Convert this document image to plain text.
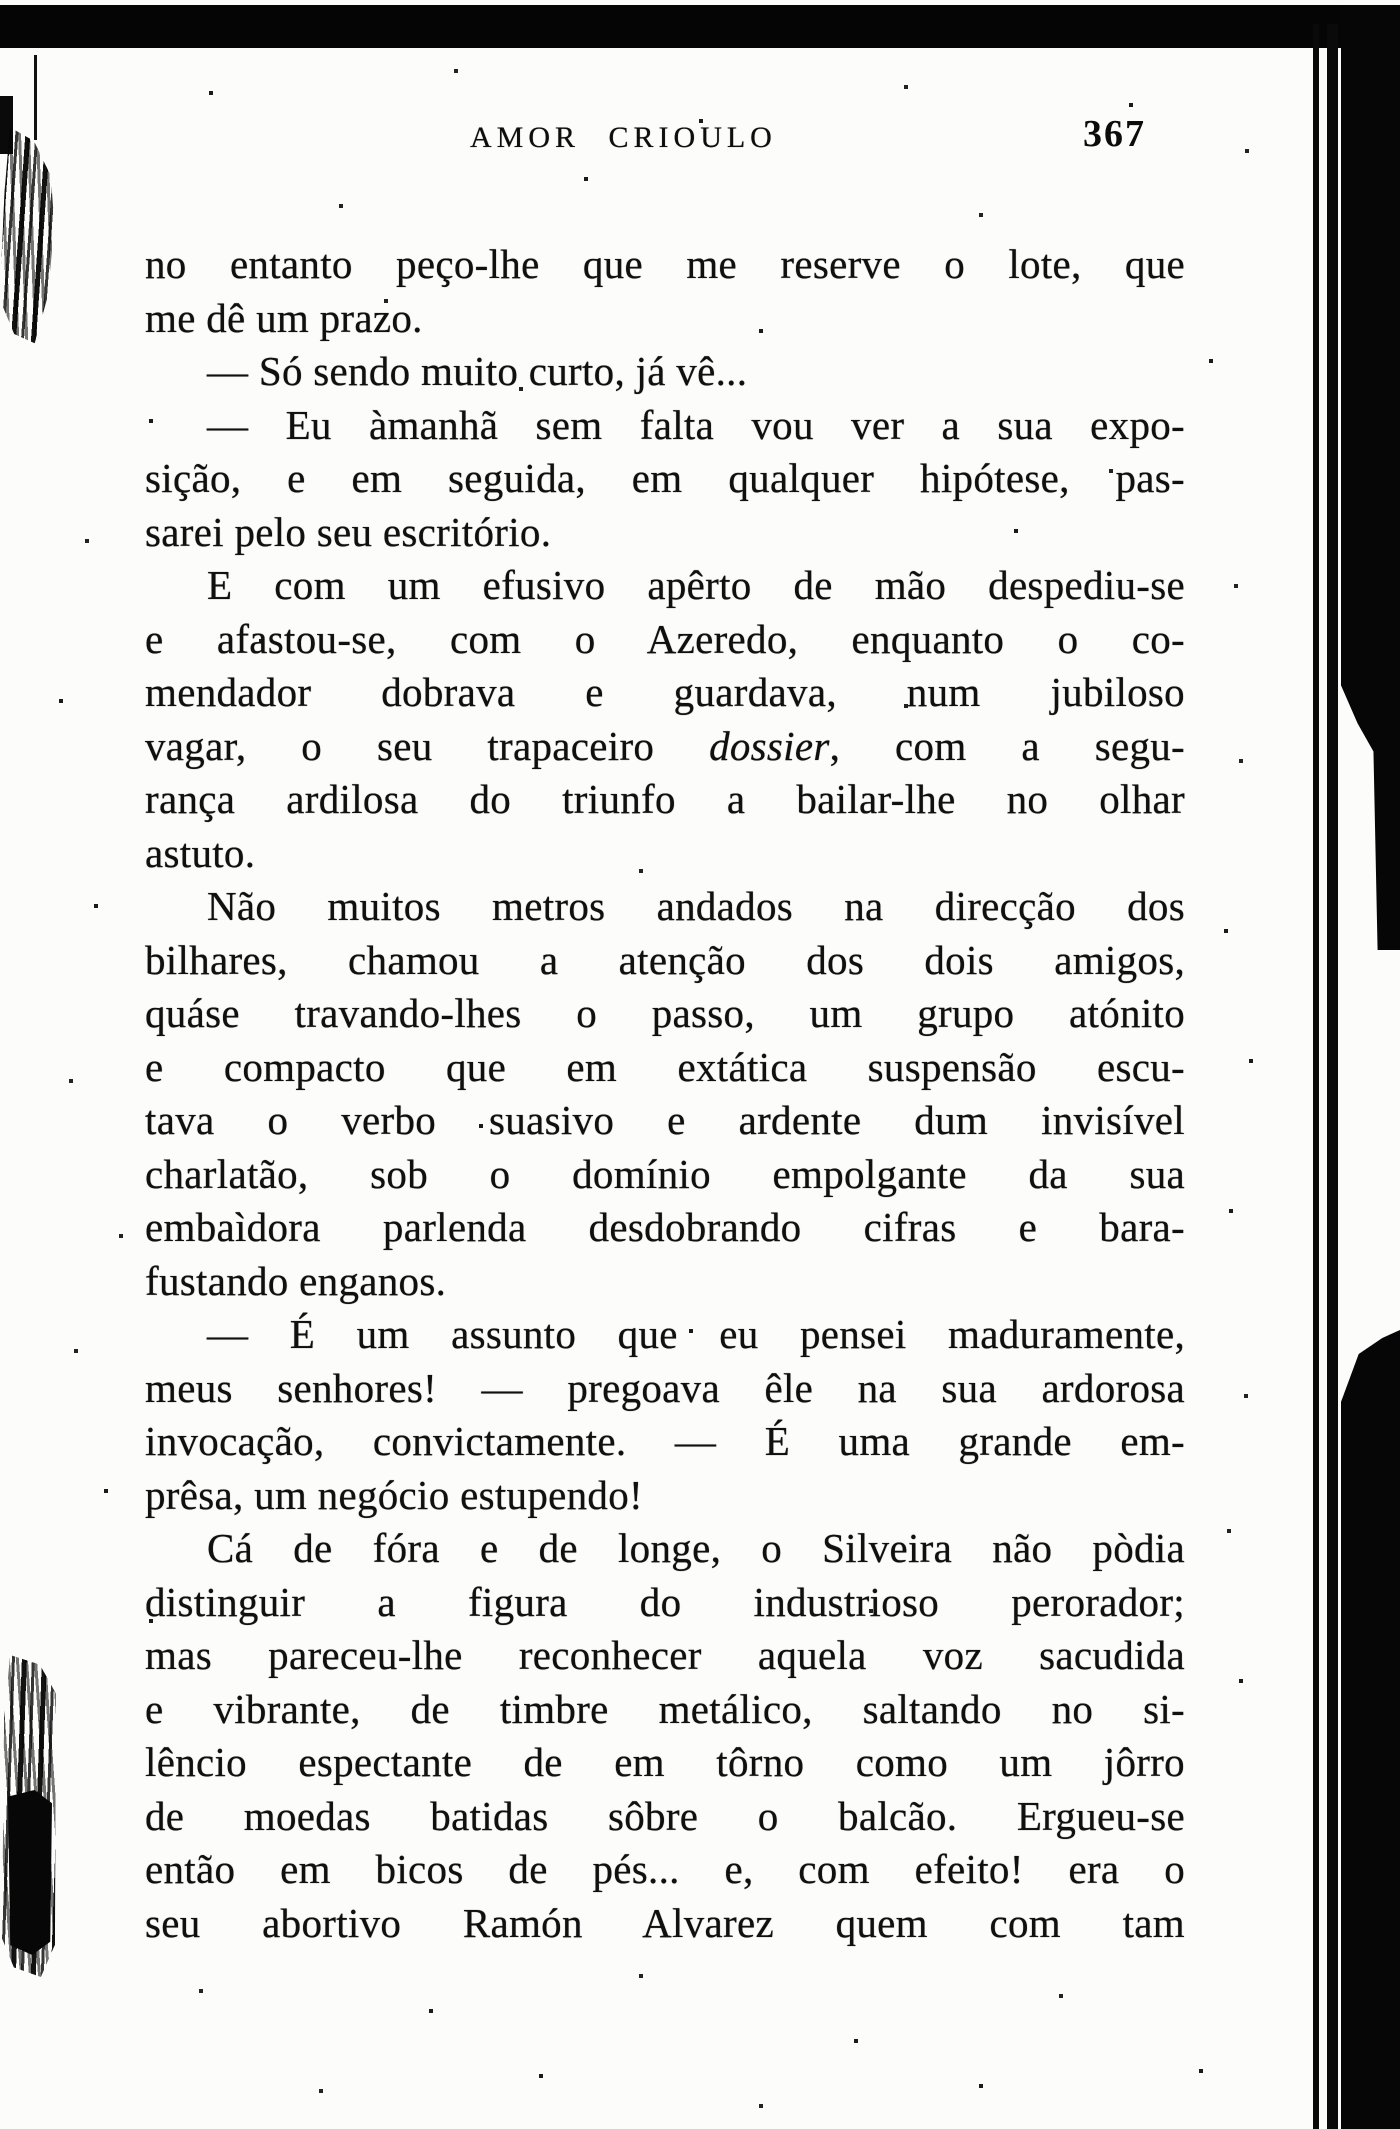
AMOR CRIOULO	367
no entanto peço-lhe que me reserve o lote, que
me dê um prazo.
— Só sendo muito curto, já vê...
— Eu àmanhã sem falta vou ver a sua expo-
sição, e em seguida, em qualquer hipótese, pas-
sarei pelo seu escritório.
E com um efusivo apêrto de mão despediu-se
e afastou-se, com o Azeredo, enquanto o co-
mendador dobrava e guardava, num jubiloso
vagar, o seu trapaceiro dossier, com a segu-
rança ardilosa do triunfo a bailar-lhe no olhar
astuto.
Não muitos metros andados na direcção dos
bilhares, chamou a atenção dos dois amigos,
quáse travando-lhes o passo, um grupo atónito
e compacto que em extática suspensão escu-
tava o verbo suasivo e ardente dum invisível
charlatão, sob o domínio empolgante da sua
embaìdora parlenda desdobrando cifras e bara-
fustando enganos.
— É um assunto que eu pensei maduramente,
meus senhores! — pregoava êle na sua ardorosa
invocação, convictamente. — É uma grande em-
prêsa, um negócio estupendo!
Cá de fóra e de longe, o Silveira não pòdia
distinguir a figura do industrioso perorador;
mas pareceu-lhe reconhecer aquela voz sacudida
e vibrante, de timbre metálico, saltando no si-
lêncio espectante de em tôrno como um jôrro
de moedas batidas sôbre o balcão. Ergueu-se
então em bicos de pés... e, com efeito! era o
seu abortivo Ramón Alvarez quem com tam
